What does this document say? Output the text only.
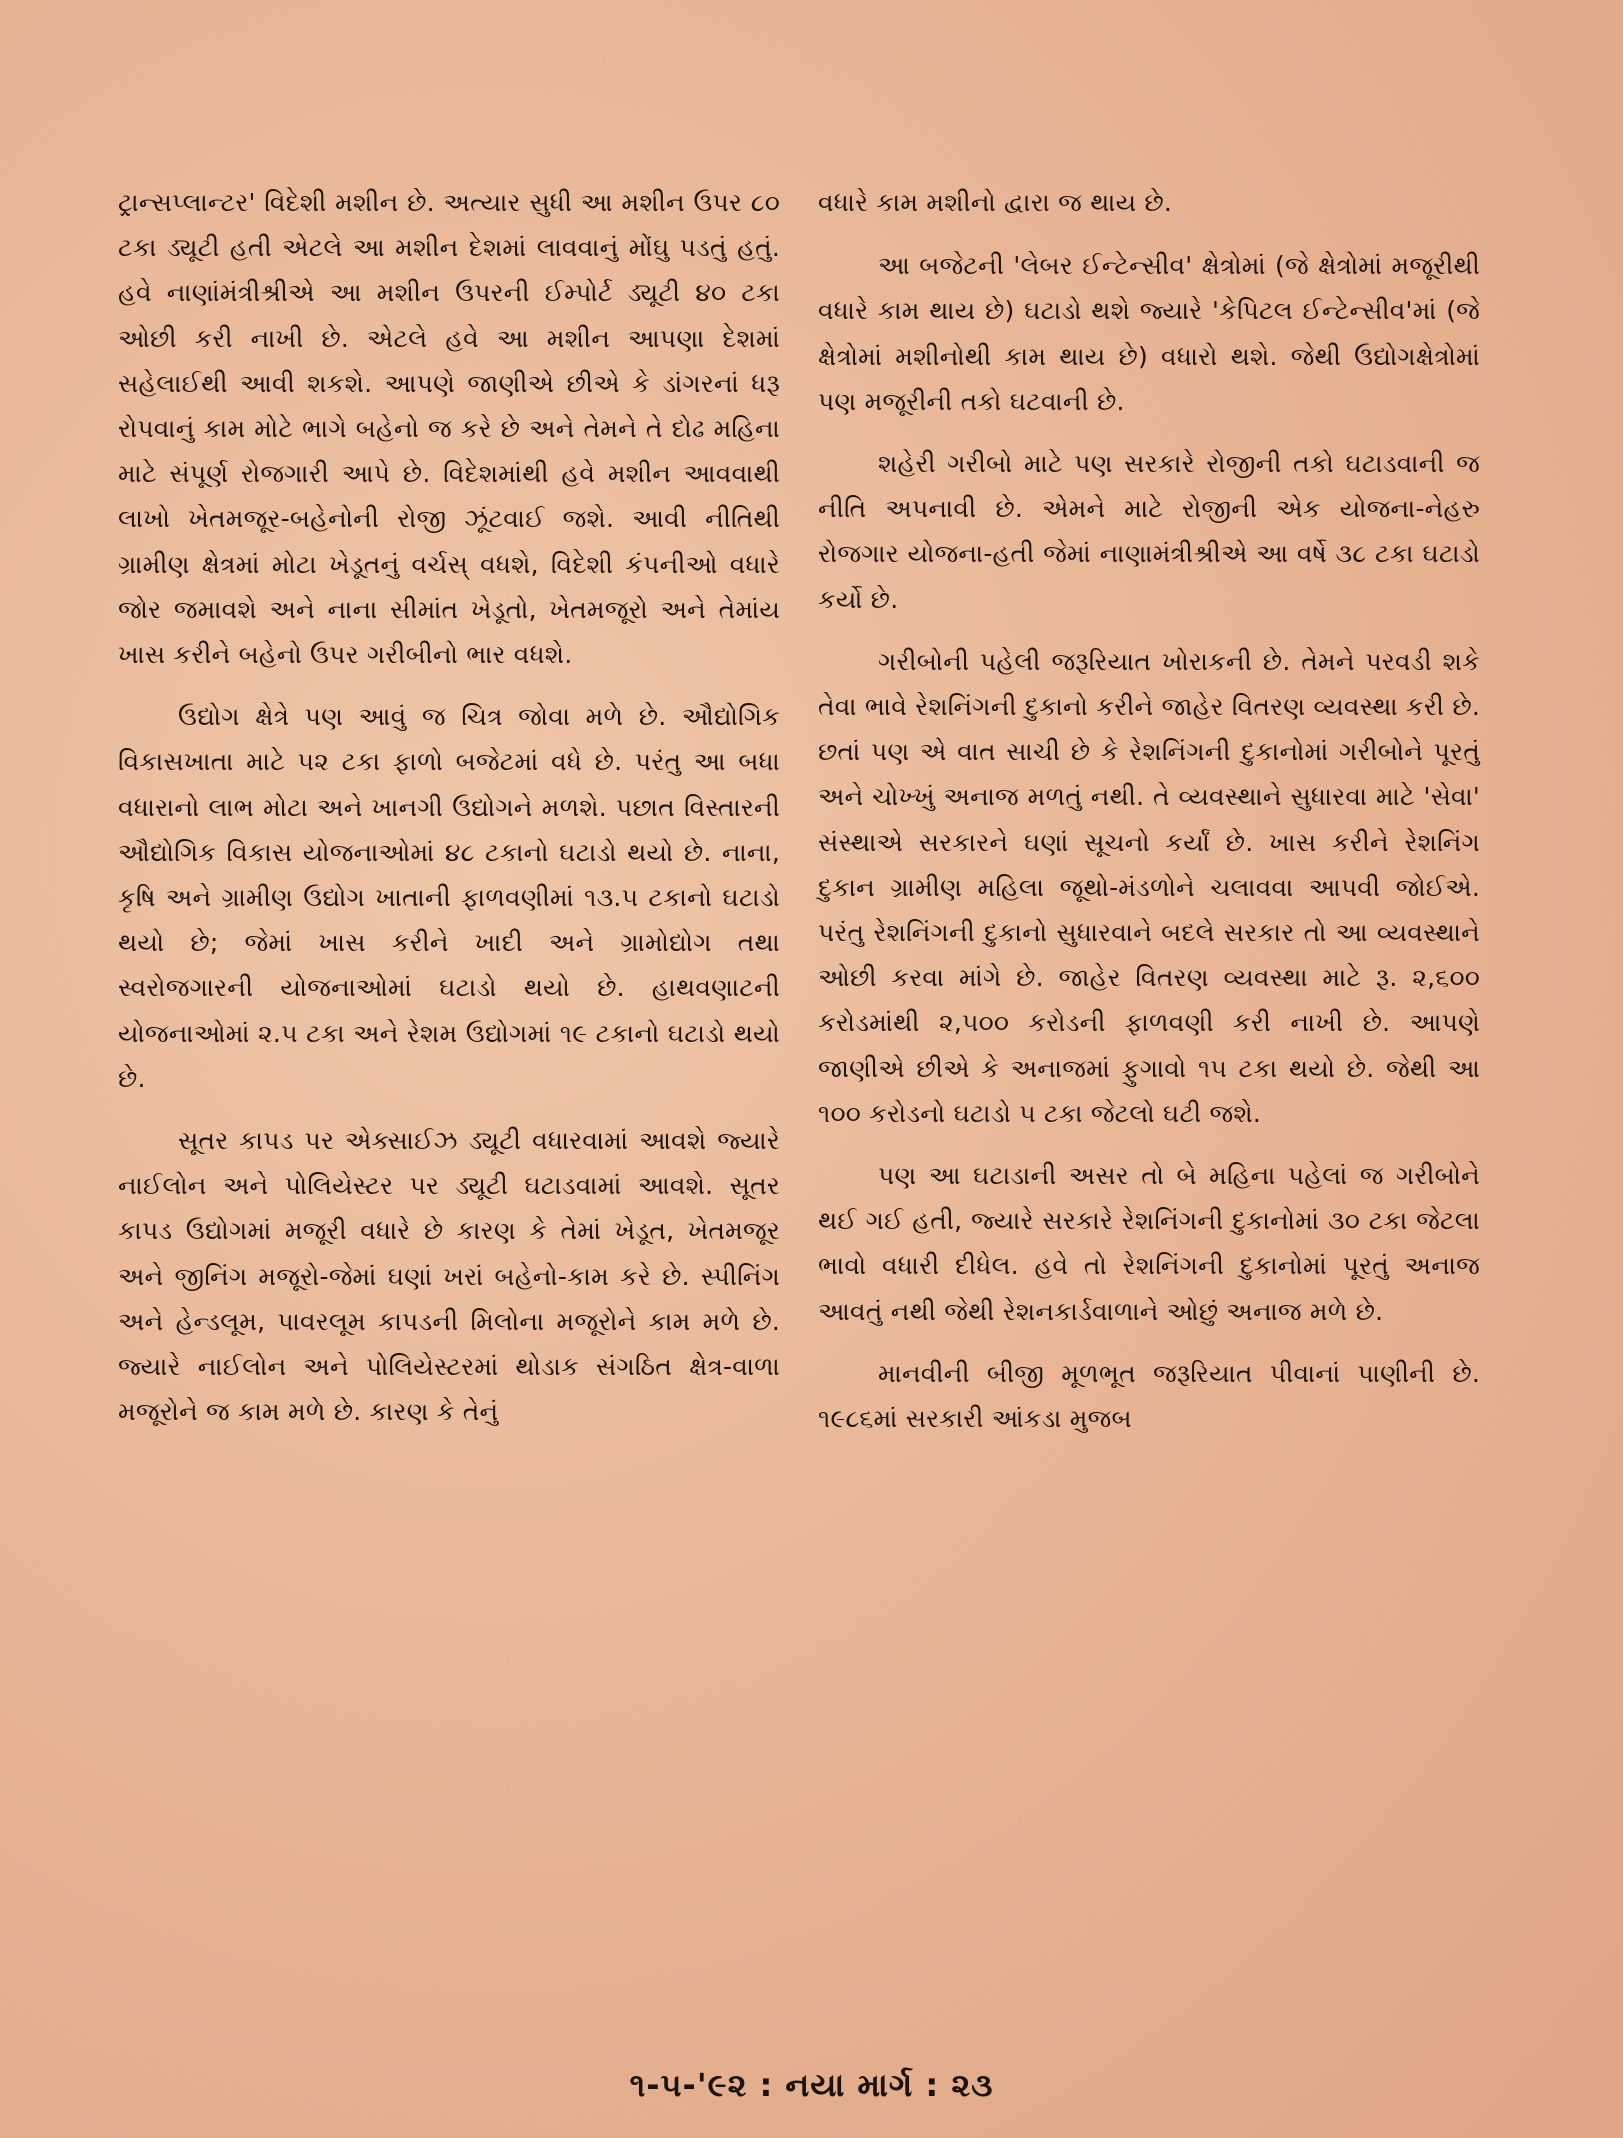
ટ્રાન્સપ્લાન્ટર' વિદેશી મશીન છે. અત્યાર સુધી આ મશીન ઉપર ૮૦ ટકા ડ્યૂટી હતી એટલે આ મશીન દેશમાં લાવવાનું મોંઘુ પડતું હતું. હવે નાણાંમંત્રીશ્રીએ આ મશીન ઉપરની ઈમ્પોર્ટ ડ્યૂટી ૪૦ ટકા ઓછી કરી નાખી છે. એટલે હવે આ મશીન આપણા દેશમાં સહેલાઈથી આવી શકશે. આપણે જાણીએ છીએ કે ડાંગરનાં ધરૂ રોપવાનું કામ મોટે ભાગે બહેનો જ કરે છે અને તેમને તે દોઢ મહિના માટે સંપૂર્ણ રોજગારી આપે છે. વિદેશમાંથી હવે મશીન આવવાથી લાખો ખેતમજૂર-બહેનોની રોજી ઝૂંટવાઈ જશે. આવી નીતિથી ગ્રામીણ ક્ષેત્રમાં મોટા ખેડૂતનું વર્ચસ્ વધશે, વિદેશી કંપનીઓ વધારે જોર જમાવશે અને નાના સીમાંત ખેડૂતો, ખેતમજૂરો અને તેમાંય ખાસ કરીને બહેનો ઉપર ગરીબીનો ભાર વધશે.

ઉદ્યોગ ક્ષેત્રે પણ આવું જ ચિત્ર જોવા મળે છે. ઔદ્યોગિક વિકાસખાતા માટે ૫૨ ટકા ફાળો બજેટમાં વધે છે. પરંતુ આ બધા વધારાનો લાભ મોટા અને ખાનગી ઉદ્યોગને મળશે. પછાત વિસ્તારની ઔદ્યોગિક વિકાસ યોજનાઓમાં ૪૮ ટકાનો ઘટાડો થયો છે. નાના, કૃષિ અને ગ્રામીણ ઉદ્યોગ ખાતાની ફાળવણીમાં ૧૩.૫ ટકાનો ઘટાડો થયો છે; જેમાં ખાસ કરીને ખાદી અને ગ્રામોદ્યોગ તથા સ્વરોજગારની યોજનાઓમાં ઘટાડો થયો છે. હાથવણાટની યોજનાઓમાં ૨.૫ ટકા અને રેશમ ઉદ્યોગમાં ૧૯ ટકાનો ઘટાડો થયો છે.

સૂતર કાપડ પર એક્સાઈઝ ડ્યૂટી વધારવામાં આવશે જ્યારે નાઈલોન અને પોલિયેસ્ટર પર ડ્યૂટી ઘટાડવામાં આવશે. સૂતર કાપડ ઉદ્યોગમાં મજૂરી વધારે છે કારણ કે તેમાં ખેડૂત, ખેતમજૂર અને જીનિંગ મજૂરો-જેમાં ઘણાં ખરાં બહેનો-કામ કરે છે. સ્પીનિંગ અને હેન્ડલૂમ, પાવરલૂમ કાપડની મિલોના મજૂરોને કામ મળે છે. જ્યારે નાઈલોન અને પોલિયેસ્ટરમાં થોડાક સંગઠિત ક્ષેત્ર-વાળા મજૂરોને જ કામ મળે છે. કારણ કે તેનું

વધારે કામ મશીનો દ્વારા જ થાય છે.

આ બજેટની 'લેબર ઈન્ટેન્સીવ' ક્ષેત્રોમાં (જે ક્ષેત્રોમાં મજૂરીથી વધારે કામ થાય છે) ઘટાડો થશે જ્યારે 'કેપિટલ ઈન્ટેન્સીવ'માં (જે ક્ષેત્રોમાં મશીનોથી કામ થાય છે) વધારો થશે. જેથી ઉદ્યોગક્ષેત્રોમાં પણ મજૂરીની તકો ઘટવાની છે.

શહેરી ગરીબો માટે પણ સરકારે રોજીની તકો ઘટાડવાની જ નીતિ અપનાવી છે. એમને માટે રોજીની એક યોજના-નેહરુ રોજગાર યોજના-હતી જેમાં નાણામંત્રીશ્રીએ આ વર્ષે ૩૮ ટકા ઘટાડો કર્યો છે.

ગરીબોની પહેલી જરૂરિયાત ખોરાકની છે. તેમને પરવડી શકે તેવા ભાવે રેશનિંગની દુકાનો કરીને જાહેર વિતરણ વ્યવસ્થા કરી છે. છતાં પણ એ વાત સાચી છે કે રેશનિંગની દુકાનોમાં ગરીબોને પૂરતું અને ચોખ્ખું અનાજ મળતું નથી. તે વ્યવસ્થાને સુધારવા માટે 'સેવા' સંસ્થાએ સરકારને ઘણાં સૂચનો કર્યાં છે. ખાસ કરીને રેશનિંગ દુકાન ગ્રામીણ મહિલા જૂથો-મંડળોને ચલાવવા આપવી જોઈએ. પરંતુ રેશનિંગની દુકાનો સુધારવાને બદલે સરકાર તો આ વ્યવસ્થાને ઓછી કરવા માંગે છે. જાહેર વિતરણ વ્યવસ્થા માટે રૂ. ૨,૬૦૦ કરોડમાંથી ૨,૫૦૦ કરોડની ફાળવણી કરી નાખી છે. આપણે જાણીએ છીએ કે અનાજમાં ફુગાવો ૧૫ ટકા થયો છે. જેથી આ ૧૦૦ કરોડનો ઘટાડો ૫ ટકા જેટલો ઘટી જશે.

પણ આ ઘટાડાની અસર તો બે મહિના પહેલાં જ ગરીબોને થઈ ગઈ હતી, જ્યારે સરકારે રેશનિંગની દુકાનોમાં ૩૦ ટકા જેટલા ભાવો વધારી દીધેલ. હવે તો રેશનિંગની દુકાનોમાં પૂરતું અનાજ આવતું નથી જેથી રેશનકાર્ડવાળાને ઓછું અનાજ મળે છે.

માનવીની બીજી મૂળભૂત જરૂરિયાત પીવાનાં પાણીની છે. ૧૯૮૬માં સરકારી આંકડા મુજબ

૧-૫-'૯૨ : નયા માર્ગ : ૨૩
